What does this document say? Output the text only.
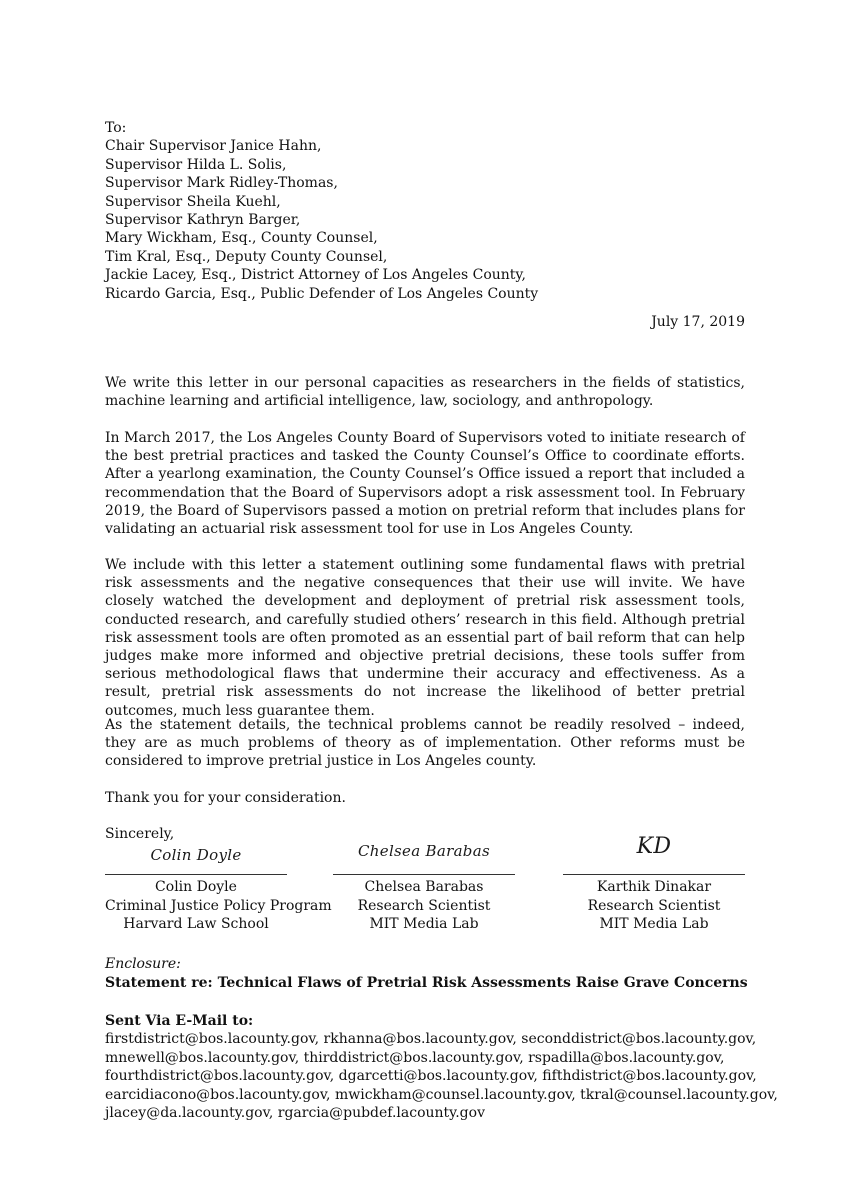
To:
Chair Supervisor Janice Hahn,
Supervisor Hilda L. Solis,
Supervisor Mark Ridley-Thomas,
Supervisor Sheila Kuehl,
Supervisor Kathryn Barger,
Mary Wickham, Esq., County Counsel,
Tim Kral, Esq., Deputy County Counsel,
Jackie Lacey, Esq., District Attorney of Los Angeles County,
Ricardo Garcia, Esq., Public Defender of Los Angeles County
July 17, 2019
We write this letter in our personal capacities as researchers in the fields of statistics, machine learning and artificial intelligence, law, sociology, and anthropology.
In March 2017, the Los Angeles County Board of Supervisors voted to initiate research of the best pretrial practices and tasked the County Counsel’s Office to coordinate efforts. After a yearlong examination, the County Counsel’s Office issued a report that included a recommendation that the Board of Supervisors adopt a risk assessment tool. In February 2019, the Board of Supervisors passed a motion on pretrial reform that includes plans for validating an actuarial risk assessment tool for use in Los Angeles County.
We include with this letter a statement outlining some fundamental flaws with pretrial risk assessments and the negative consequences that their use will invite. We have closely watched the development and deployment of pretrial risk assessment tools, conducted research, and carefully studied others’ research in this field. Although pretrial risk assessment tools are often promoted as an essential part of bail reform that can help judges make more informed and objective pretrial decisions, these tools suffer from serious methodological flaws that undermine their accuracy and effectiveness. As a result, pretrial risk assessments do not increase the likelihood of better pretrial outcomes, much less guarantee them.
As the statement details, the technical problems cannot be readily resolved – indeed, they are as much problems of theory as of implementation. Other reforms must be considered to improve pretrial justice in Los Angeles county.
Thank you for your consideration.
Sincerely,
Colin Doyle
Colin Doyle
Criminal Justice Policy Program
Harvard Law School
Chelsea Barabas
Chelsea Barabas
Research Scientist
MIT Media Lab
KD
Karthik Dinakar
Research Scientist
MIT Media Lab
Enclosure:
Statement re: Technical Flaws of Pretrial Risk Assessments Raise Grave Concerns
Sent Via E-Mail to:
firstdistrict@bos.lacounty.gov, rkhanna@bos.lacounty.gov, seconddistrict@bos.lacounty.gov,
mnewell@bos.lacounty.gov, thirddistrict@bos.lacounty.gov, rspadilla@bos.lacounty.gov,
fourthdistrict@bos.lacounty.gov, dgarcetti@bos.lacounty.gov, fifthdistrict@bos.lacounty.gov,
earcidiacono@bos.lacounty.gov, mwickham@counsel.lacounty.gov, tkral@counsel.lacounty.gov,
jlacey@da.lacounty.gov, rgarcia@pubdef.lacounty.gov
